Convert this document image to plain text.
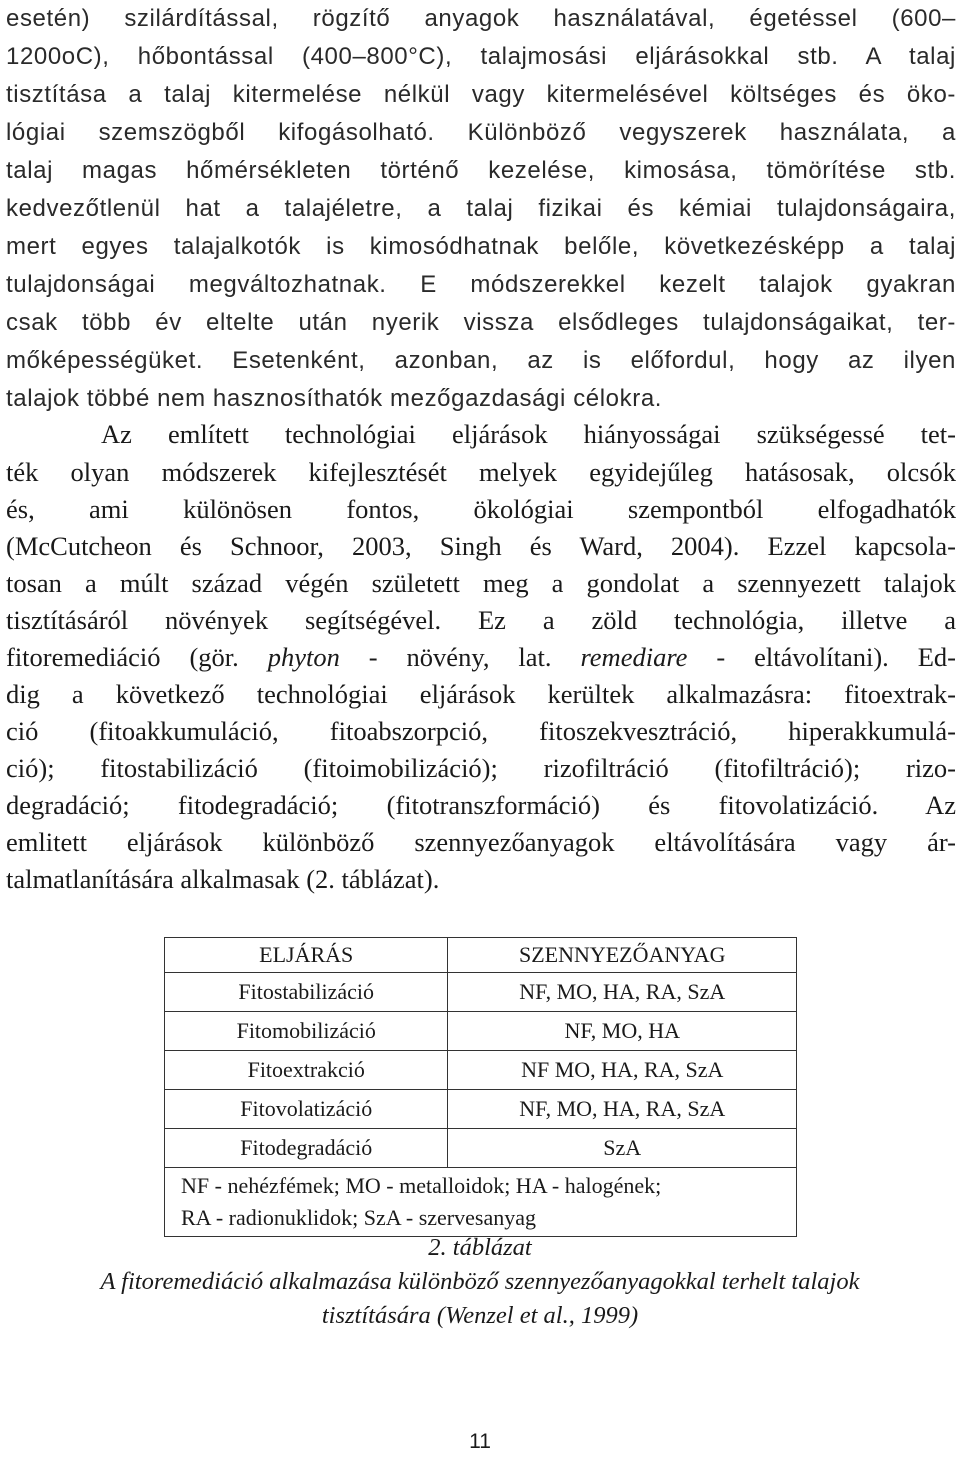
esetén) szilárdítással, rögzítő anyagok használatával, égetéssel (600–
1200oC), hőbontással (400–800°C), talajmosási eljárásokkal stb. A talaj
tisztítása a talaj kitermelése nélkül vagy kitermelésével költséges és öko-
lógiai szemszögből kifogásolható. Különböző vegyszerek használata, a
talaj magas hőmérsékleten történő kezelése, kimosása, tömörítése stb.
kedvezőtlenül hat a talajéletre, a talaj fizikai és kémiai tulajdonságaira,
mert egyes talajalkotók is kimosódhatnak belőle, következésképp a talaj
tulajdonságai megváltozhatnak. E módszerekkel kezelt talajok gyakran
csak több év eltelte után nyerik vissza elsődleges tulajdonságaikat, ter-
mőképességüket. Esetenként, azonban, az is előfordul, hogy az ilyen
talajok többé nem hasznosíthatók mezőgazdasági célokra.
Az említett technológiai eljárások hiányosságai szükségessé tet-
ték olyan módszerek kifejlesztését melyek egyidejűleg hatásosak, olcsók
és, ami különösen fontos, ökológiai szempontból elfogadhatók
(McCutcheon és Schnoor, 2003, Singh és Ward, 2004). Ezzel kapcsola-
tosan a múlt század végén született meg a gondolat a szennyezett talajok
tisztításáról növények segítségével. Ez a zöld technológia, illetve a
fitoremediáció (gör. phyton - növény, lat. remediare - eltávolítani). Ed-
dig a következő technológiai eljárások kerültek alkalmazásra: fitoextrak-
ció (fitoakkumuláció, fitoabszorpció, fitoszekvesztráció, hiperakkumulá-
ció); fitostabilizáció (fitoimobilizáció); rizofiltráció (fitofiltráció); rizo-
degradáció; fitodegradáció; (fitotranszformáció) és fitovolatizáció. Az
emlitett eljárások különböző szennyezőanyagok eltávolítására vagy ár-
talmatlanítására alkalmasak (2. táblázat).
ELJÁRÁS	SZENNYEZŐANYAG
Fitostabilizáció	NF, MO, HA, RA, SzA
Fitomobilizáció	NF, MO, HA
Fitoextrakció	NF MO, HA, RA, SzA
Fitovolatizáció	NF, MO, HA, RA, SzA
Fitodegradáció	SzA

NF - nehézfémek; MO - metalloidok; HA - halogének;
RA - radionuklidok; SzA - szervesanyag	
2. táblázat
A fitoremediáció alkalmazása különböző szennyezőanyagokkal terhelt talajok
tisztítására (Wenzel et al., 1999)
11
